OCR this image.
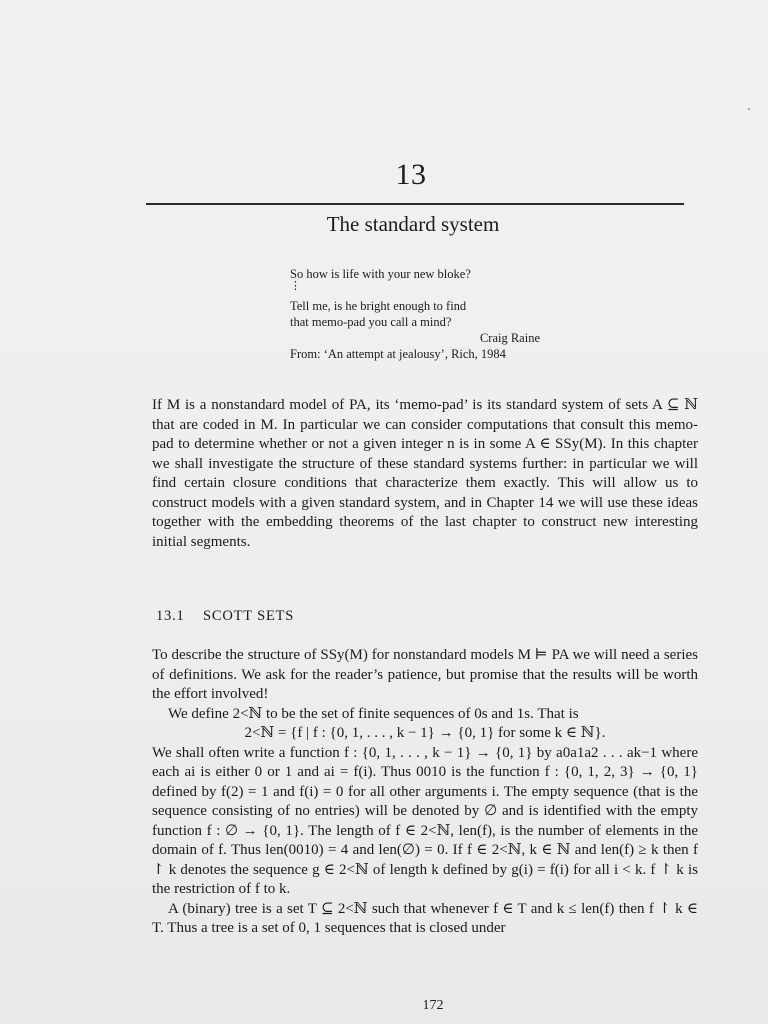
13
The standard system
So how is life with your new bloke?
⋮
Tell me, is he bright enough to find
that memo-pad you call a mind?
Craig Raine
From: ‘An attempt at jealousy’, Rich, 1984

If M is a nonstandard model of PA, its ‘memo-pad’ is its standard system of sets A ⊆ ℕ that are coded in M. In particular we can consider computations that consult this memo-pad to determine whether or not a given integer n is in some A ∈ SSy(M). In this chapter we shall investigate the structure of these standard systems further: in particular we will find certain closure conditions that characterize them exactly. This will allow us to construct models with a given standard system, and in Chapter 14 we will use these ideas together with the embedding theorems of the last chapter to construct new interesting initial segments.

13.1 SCOTT SETS

To describe the structure of SSy(M) for nonstandard models M ⊨ PA we will need a series of definitions. We ask for the reader’s patience, but promise that the results will be worth the effort involved!

We define 2<ℕ to be the set of finite sequences of 0s and 1s. That is

2<ℕ = {f | f : {0, 1, . . . , k − 1} → {0, 1} for some k ∈ ℕ}.

We shall often write a function f : {0, 1, . . . , k − 1} → {0, 1} by a0a1a2 . . . ak−1 where each ai is either 0 or 1 and ai = f(i). Thus 0010 is the function f : {0, 1, 2, 3} → {0, 1} defined by f(2) = 1 and f(i) = 0 for all other arguments i. The empty sequence (that is the sequence consisting of no entries) will be denoted by ∅ and is identified with the empty function f : ∅ → {0, 1}. The length of f ∈ 2<ℕ, len(f), is the number of elements in the domain of f. Thus len(0010) = 4 and len(∅) = 0. If f ∈ 2<ℕ, k ∈ ℕ and len(f) ≥ k then f ↾ k denotes the sequence g ∈ 2<ℕ of length k defined by g(i) = f(i) for all i < k. f ↾ k is the restriction of f to k.

A (binary) tree is a set T ⊆ 2<ℕ such that whenever f ∈ T and k ≤ len(f) then f ↾ k ∈ T. Thus a tree is a set of 0, 1 sequences that is closed under

172
